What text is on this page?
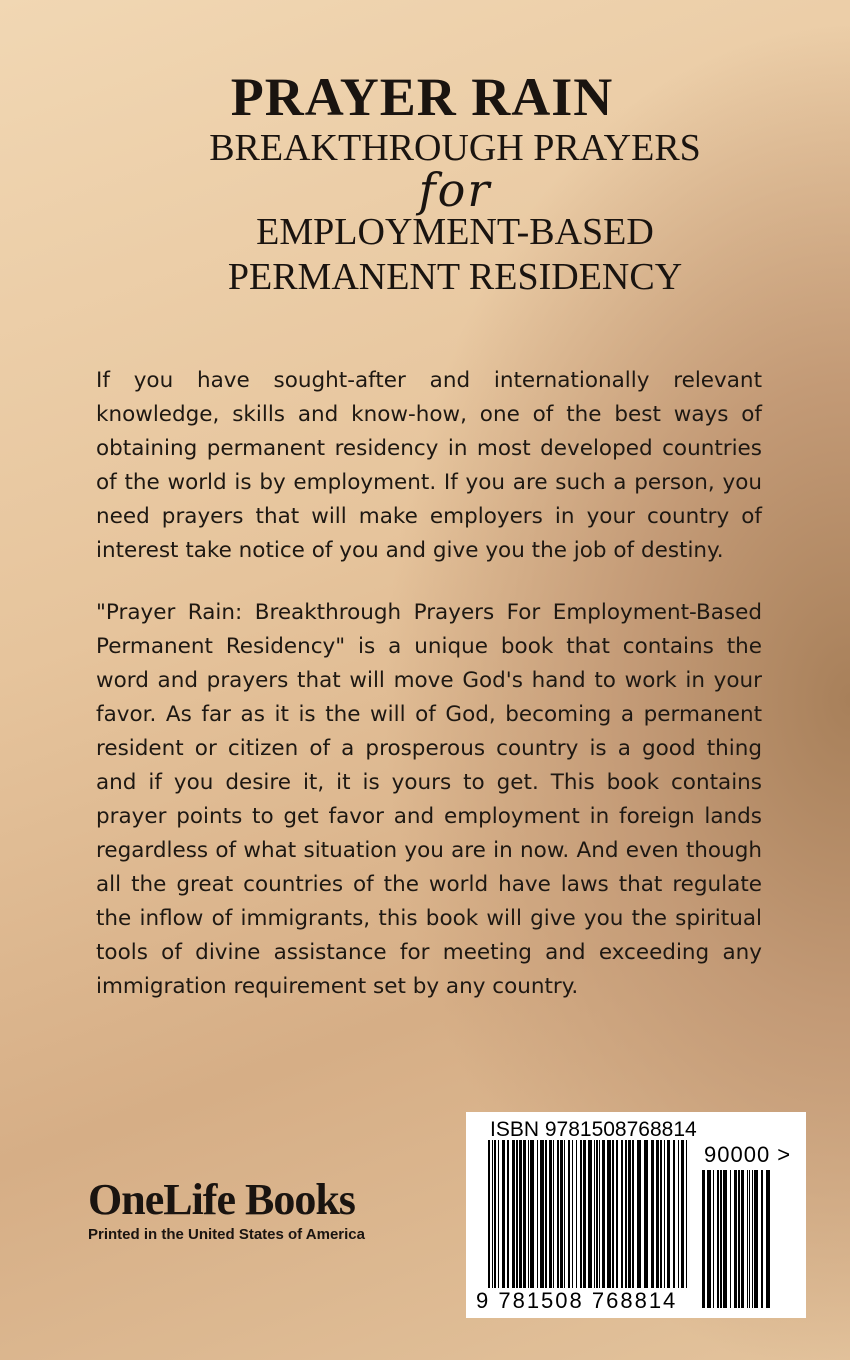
PRAYER RAIN
BREAKTHROUGH PRAYERS
for
EMPLOYMENT-BASED
PERMANENT RESIDENCY
If you have sought-after and internationally relevant knowledge, skills and know-how, one of the best ways of obtaining permanent residency in most developed countries of the world is by employment. If you are such a person, you need prayers that will make employers in your country of interest take notice of you and give you the job of destiny.
"Prayer Rain: Breakthrough Prayers For Employment-Based Permanent Residency" is a unique book that contains the word and prayers that will move God's hand to work in your favor. As far as it is the will of God, becoming a permanent resident or citizen of a prosperous country is a good thing and if you desire it, it is yours to get. This book contains prayer points to get favor and employment in foreign lands regardless of what situation you are in now. And even though all the great countries of the world have laws that regulate the inflow of immigrants, this book will give you the spiritual tools of divine assistance for meeting and exceeding any immigration requirement set by any country.
OneLife Books
Printed in the United States of America
ISBN 9781508768814
90000 >
9 781508 768814
